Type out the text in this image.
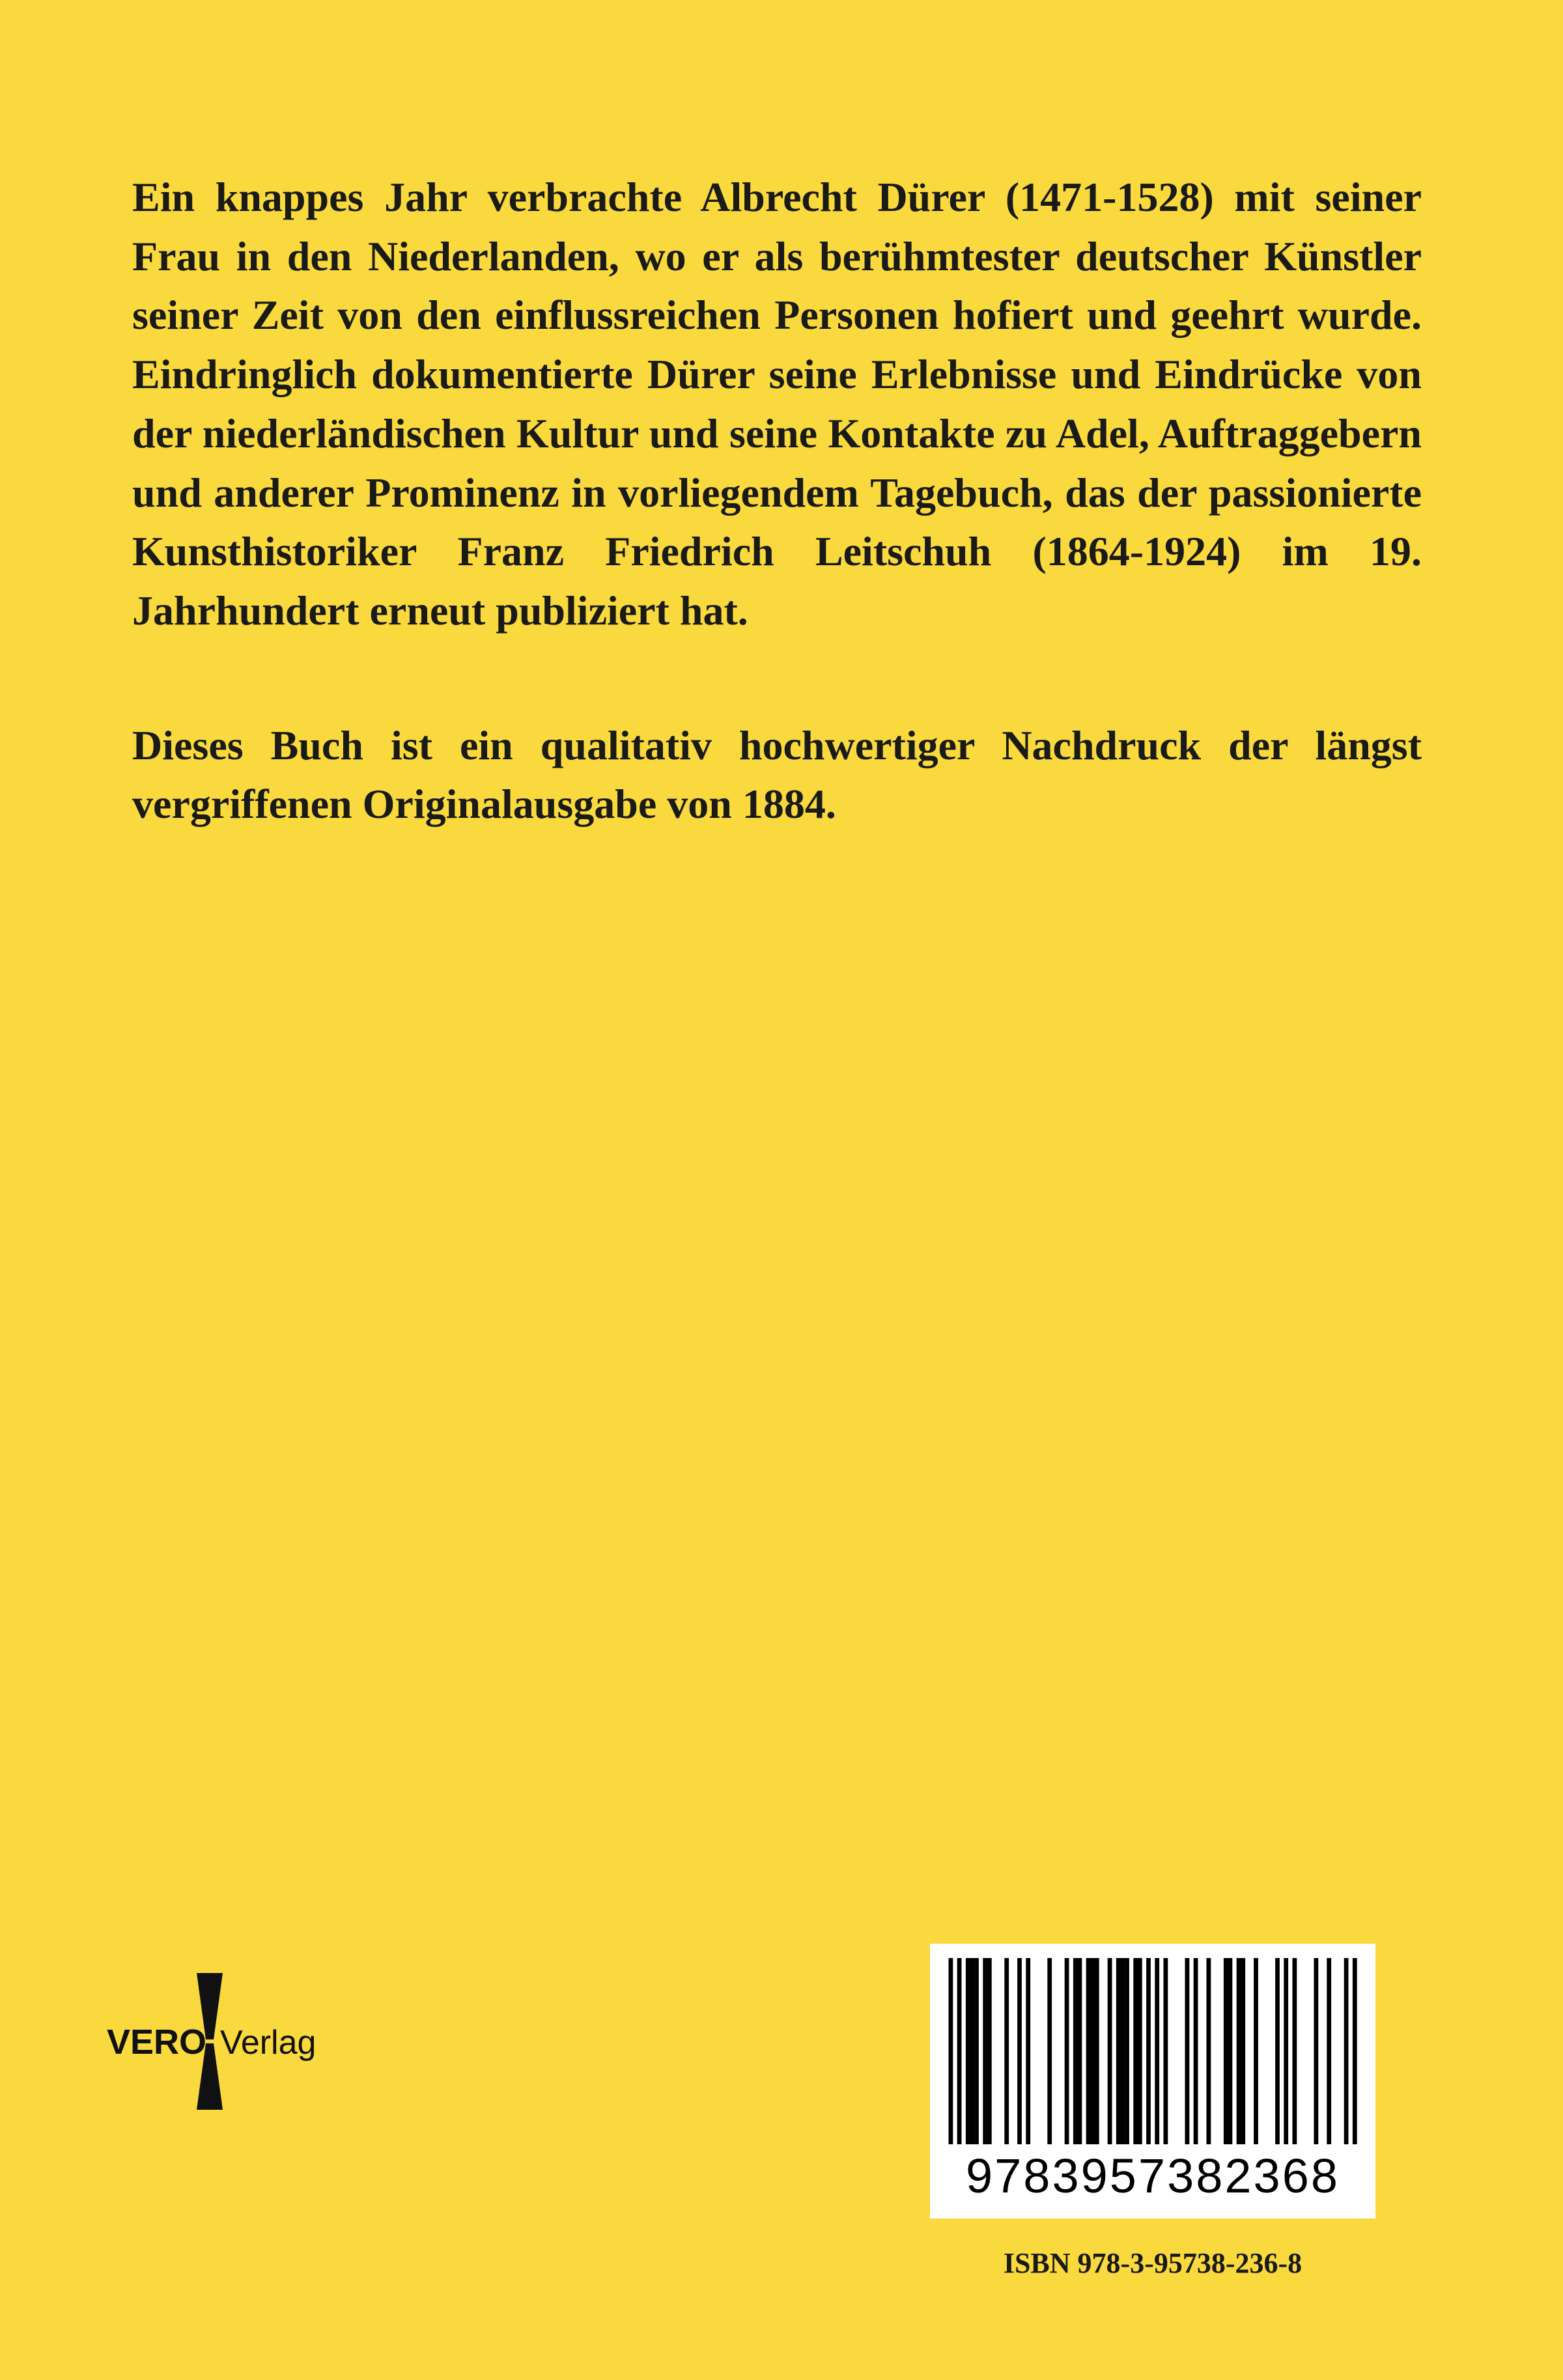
Ein knappes Jahr verbrachte Albrecht Dürer (1471-1528) mit seiner Frau in den Niederlanden, wo er als berühmtester deutscher Künstler seiner Zeit von den einflussreichen Personen hofiert und geehrt wurde. Eindringlich dokumentierte Dürer seine Erlebnisse und Eindrücke von der niederländischen Kultur und seine Kontakte zu Adel, Auftraggebern und anderer Prominenz in vorliegendem Tagebuch, das der passionierte Kunsthistoriker Franz Friedrich Leitschuh (1864-1924) im 19. Jahrhundert erneut publiziert hat.

Dieses Buch ist ein qualitativ hochwertiger Nachdruck der längst vergriffenen Originalausgabe von 1884.

VERO Verlag
9783957382368
ISBN 978-3-95738-236-8
